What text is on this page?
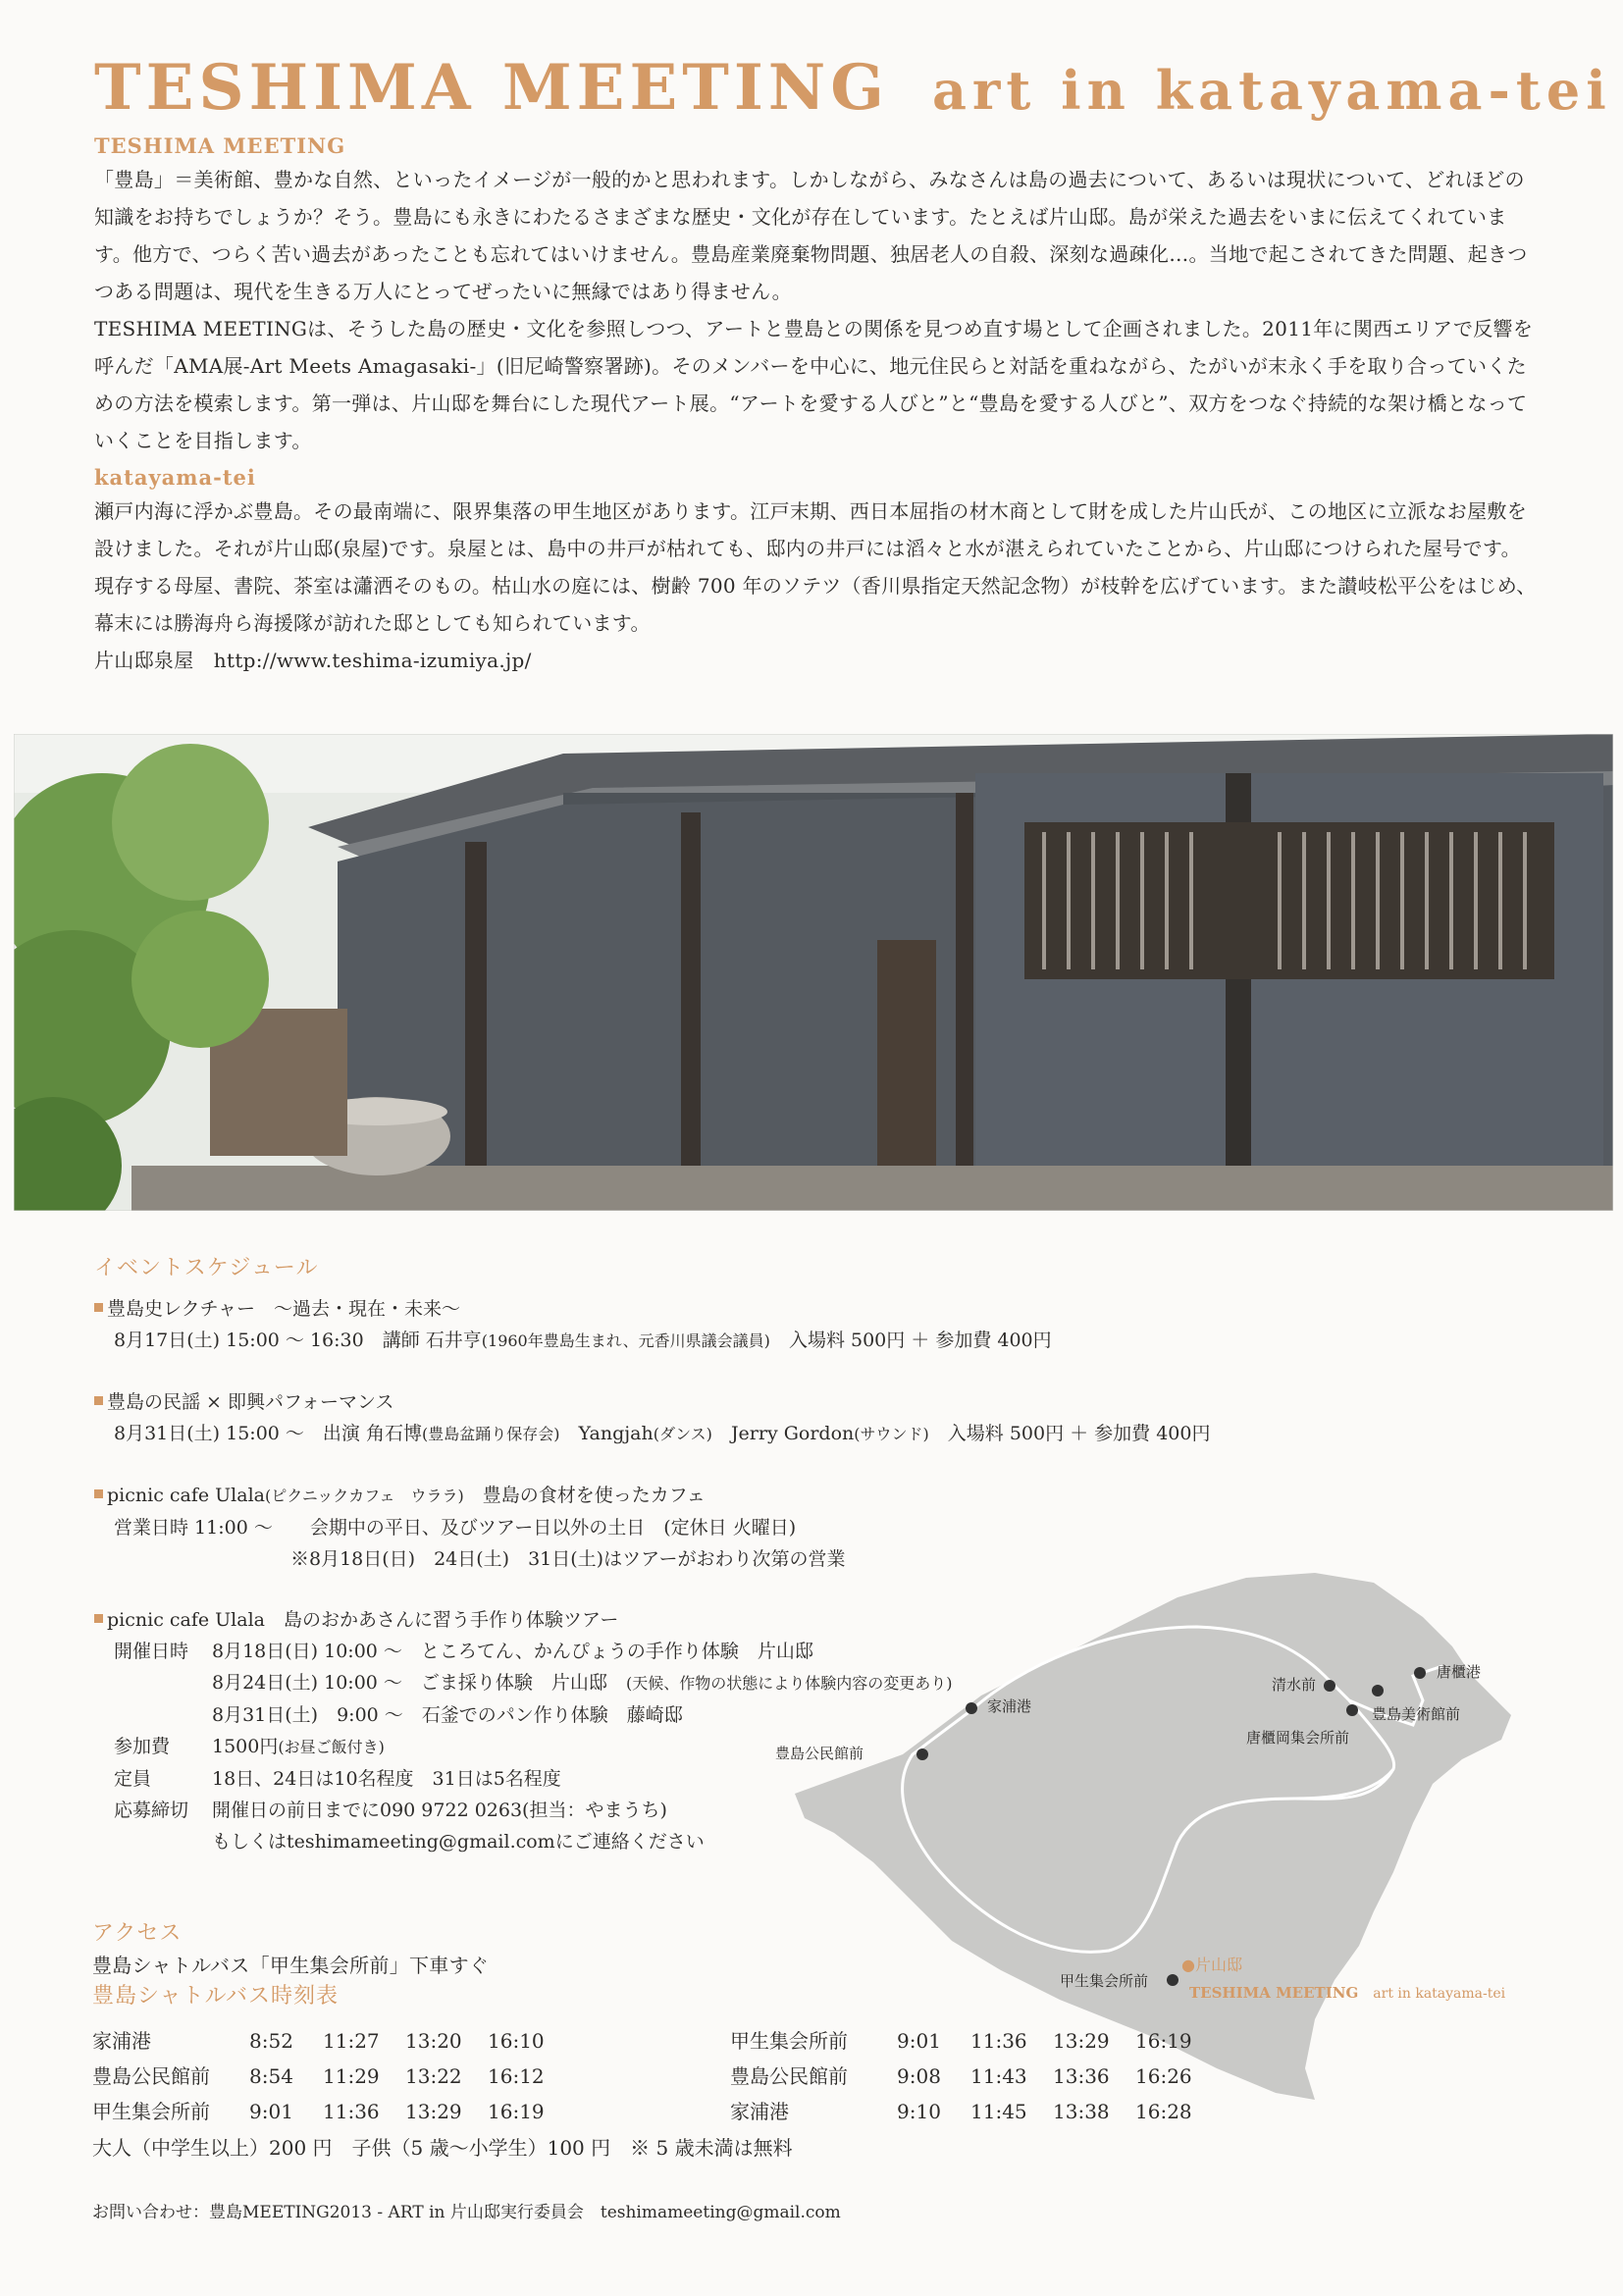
TESHIMA MEETING art in katayama-tei
TESHIMA MEETING

「豊島」＝美術館、豊かな自然、といったイメージが一般的かと思われます。しかしながら、みなさんは島の過去について、あるいは現状について、どれほどの知識をお持ちでしょうか？そう。豊島にも永きにわたるさまざまな歴史・文化が存在しています。たとえば片山邸。島が栄えた過去をいまに伝えてくれています。他方で、つらく苦い過去があったことも忘れてはいけません。豊島産業廃棄物問題、独居老人の自殺、深刻な過疎化…。当地で起こされてきた問題、起きつつある問題は、現代を生きる万人にとってぜったいに無縁ではあり得ません。

TESHIMA MEETINGは、そうした島の歴史・文化を参照しつつ、アートと豊島との関係を見つめ直す場として企画されました。2011年に関西エリアで反響を呼んだ「AMA展-Art Meets Amagasaki-」(旧尼崎警察署跡)。そのメンバーを中心に、地元住民らと対話を重ねながら、たがいが末永く手を取り合っていくための方法を模索します。第一弾は、片山邸を舞台にした現代アート展。“アートを愛する人びと”と“豊島を愛する人びと”、双方をつなぐ持続的な架け橋となっていくことを目指します。

katayama-tei

瀬戸内海に浮かぶ豊島。その最南端に、限界集落の甲生地区があります。江戸末期、西日本屈指の材木商として財を成した片山氏が、この地区に立派なお屋敷を設けました。それが片山邸(泉屋)です。泉屋とは、島中の井戸が枯れても、邸内の井戸には滔々と水が湛えられていたことから、片山邸につけられた屋号です。現存する母屋、書院、茶室は瀟洒そのもの。枯山水の庭には、樹齢 700 年のソテツ（香川県指定天然記念物）が枝幹を広げています。また讃岐松平公をはじめ、幕末には勝海舟ら海援隊が訪れた邸としても知られています。

片山邸泉屋　http://www.teshima-izumiya.jp/

イベントスケジュール

豊島史レクチャー　～過去・現在・未来～

8月17日(土) 15:00 ～ 16:30　講師 石井亨(1960年豊島生まれ、元香川県議会議員)　 入場料 500円 ＋ 参加費 400円

豊島の民謡 × 即興パフォーマンス

8月31日(土) 15:00 ～　出演 角石博(豊島盆踊り保存会)　 Yangjah(ダンス)　 Jerry Gordon(サウンド)　 入場料 500円 ＋ 参加費 400円

picnic cafe Ulala(ピクニックカフェ　ウララ)　 豊島の食材を使ったカフェ

営業日時 11:00 ～　　会期中の平日、及びツアー日以外の土日　(定休日 火曜日)

※8月18日(日)　24日(土)　31日(土)はツアーがおわり次第の営業

picnic cafe Ulala　島のおかあさんに習う手作り体験ツアー

開催日時	8月18日(日) 10:00 ～　ところてん、かんぴょうの手作り体験　片山邸
	8月24日(土) 10:00 ～　ごま採り体験　片山邸　 (天候、作物の状態により体験内容の変更あり)
	8月31日(土)　9:00 ～　石釜でのパン作り体験　藤崎邸
参加費	1500円(お昼ご飯付き)
定員	18日、24日は10名程度　31日は5名程度
応募締切	開催日の前日までに090 9722 0263(担当：やまうち)
	もしくはteshimameeting@gmail.comにご連絡ください
家浦港
豊島公民館前
清水前
唐櫃港
豊島美術館前
唐櫃岡集会所前
甲生集会所前
●片山邸
TESHIMA MEETING　 art in katayama-tei
アクセス

豊島シャトルバス「甲生集会所前」下車すぐ

豊島シャトルバス時刻表
家浦港	8:52	11:27	13:20	16:10
豊島公民館前	8:54	11:29	13:22	16:12
甲生集会所前	9:01	11:36	13:29	16:19
甲生集会所前	9:01	11:36	13:29	16:19
豊島公民館前	9:08	11:43	13:36	16:26
家浦港	9:10	11:45	13:38	16:28
大人（中学生以上）200 円　子供（5 歳～小学生）100 円　※ 5 歳未満は無料
お問い合わせ：豊島MEETING2013 - ART in 片山邸実行委員会　teshimameeting@gmail.com
